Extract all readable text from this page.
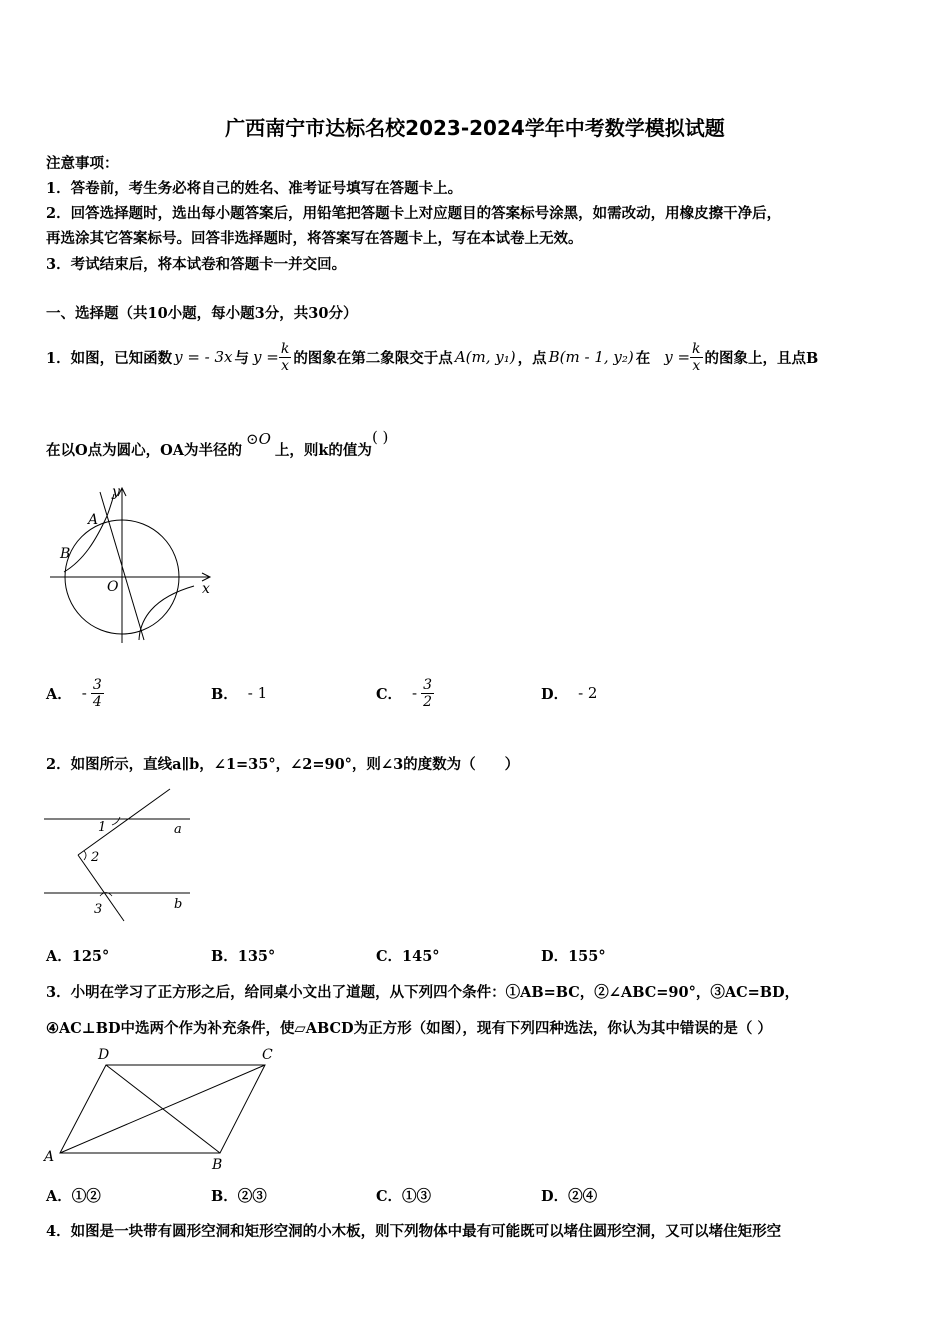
广西南宁市达标名校2023-2024学年中考数学模拟试题
注意事项：
1．答卷前，考生务必将自己的姓名、准考证号填写在答题卡上。
2．回答选择题时，选出每小题答案后，用铅笔把答题卡上对应题目的答案标号涂黑，如需改动，用橡皮擦干净后，
再选涂其它答案标号。回答非选择题时，将答案写在答题卡上，写在本试卷上无效。
3．考试结束后，将本试卷和答题卡一并交回。
一、选择题（共10小题，每小题3分，共30分）
1．如图，已知函数 y = - 3x 与 $y = \frac{k}{x}$ 的图象在第二象限交于点 A(m, y₁) ，点 B(m - 1, y₂) 在 $y = \frac{k}{x}$ 的图象上，且点B
在以O点为圆心，OA为半径的
⊙O
上，则k的值为
( )
A
B
O	x
y
A． - $\frac{3}{4}$	B． - 1	C． - $\frac{3}{2}$	D． - 2
2．如图所示，直线a∥b，∠1=35°，∠2=90°，则∠3的度数为（　　）
1
2
3
a
b
A．125°	B．135°	C．145°	D．155°
3．小明在学习了正方形之后，给同桌小文出了道题，从下列四个条件：①AB=BC，②∠ABC=90°，③AC=BD，
④AC⊥BD中选两个作为补充条件，使▱ABCD为正方形（如图），现有下列四种选法，你认为其中错误的是（ ）
A	B
C
D
A．①②	B．②③	C．①③	D．②④
4．如图是一块带有圆形空洞和矩形空洞的小木板，则下列物体中最有可能既可以堵住圆形空洞，又可以堵住矩形空
